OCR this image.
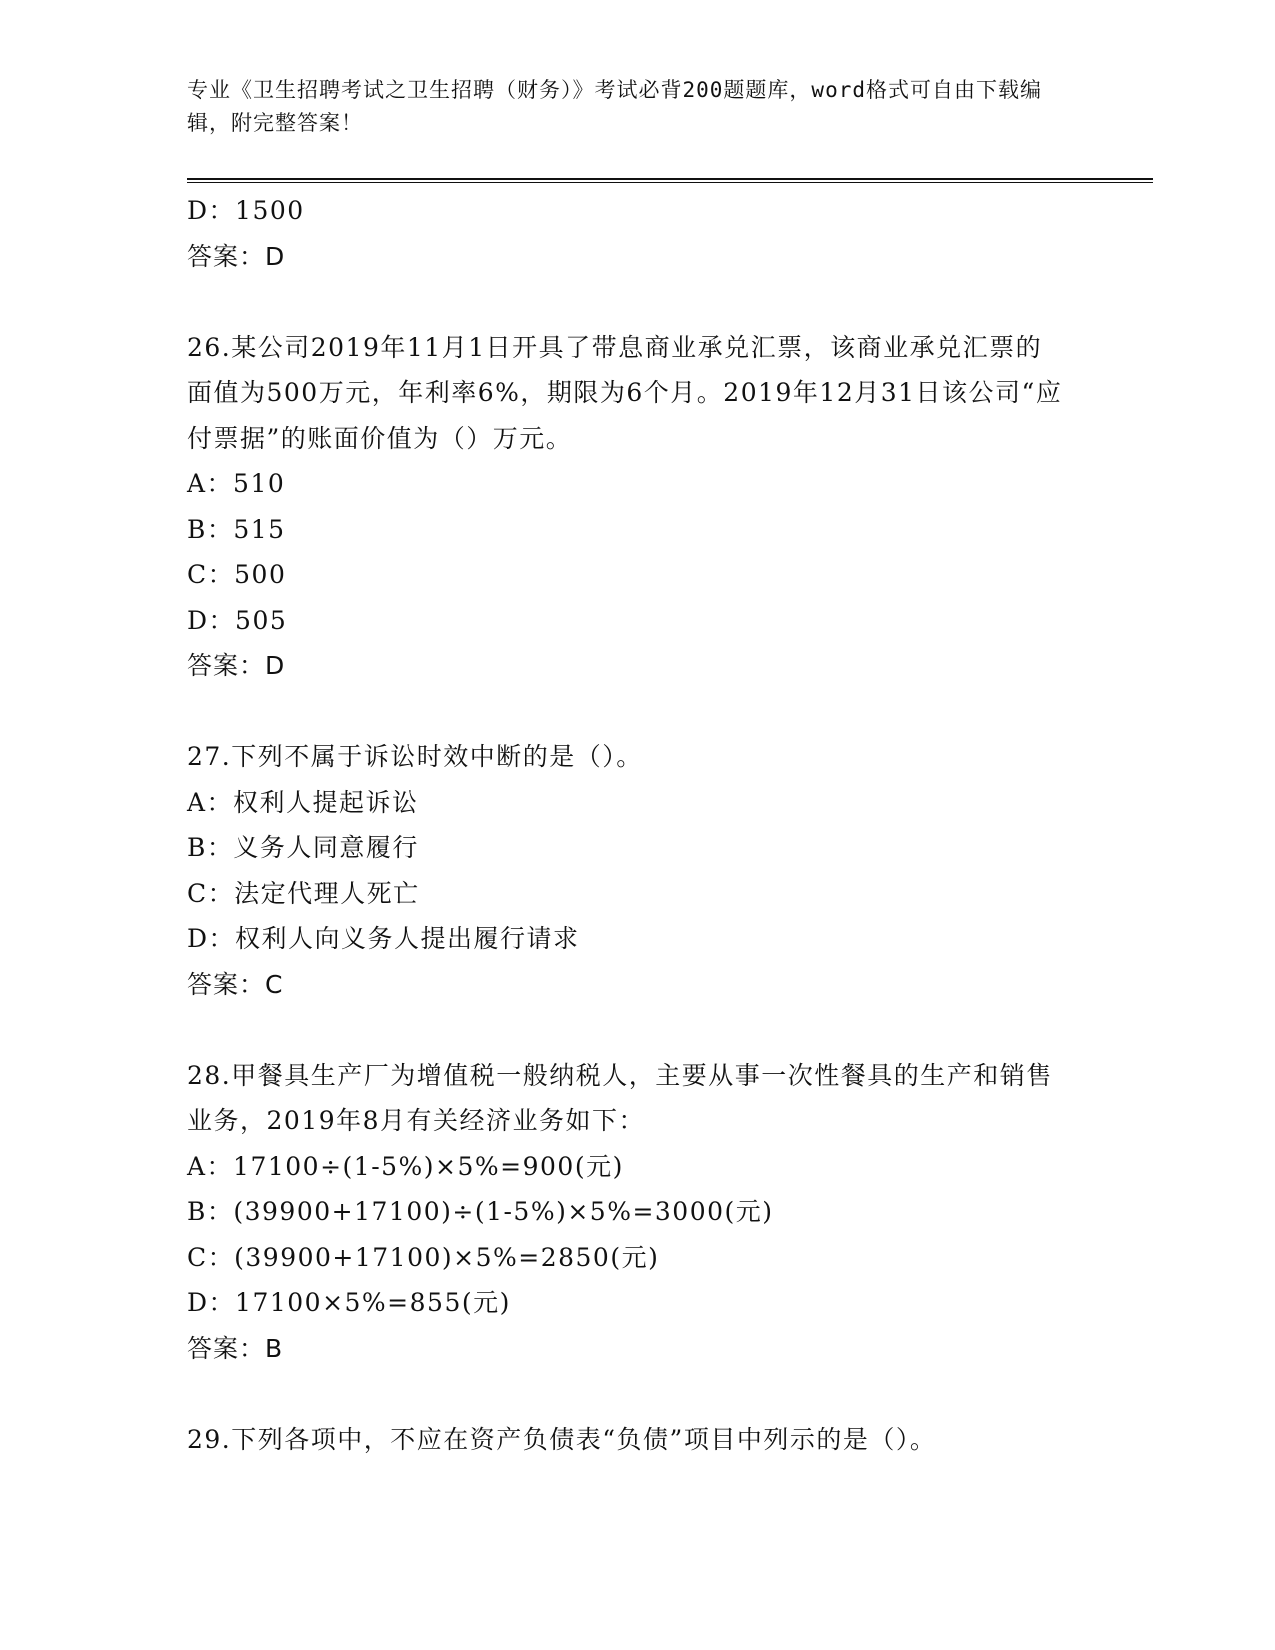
专业《卫生招聘考试之卫生招聘（财务）》考试必背200题题库，word格式可自由下载编辑，附完整答案！

D：1500

答案：D

26.某公司2019年11月1日开具了带息商业承兑汇票，该商业承兑汇票的面值为500万元，年利率6%，期限为6个月。2019年12月31日该公司“应付票据”的账面价值为（）万元。

A：510

B：515

C：500

D：505

答案：D

27.下列不属于诉讼时效中断的是（）。

A：权利人提起诉讼

B：义务人同意履行

C：法定代理人死亡

D：权利人向义务人提出履行请求

答案：C

28.甲餐具生产厂为增值税一般纳税人，主要从事一次性餐具的生产和销售业务，2019年8月有关经济业务如下：

A：17100÷(1-5%)×5%=900(元)

B：(39900+17100)÷(1-5%)×5%=3000(元)

C：(39900+17100)×5%=2850(元)

D：17100×5%=855(元)

答案：B

29.下列各项中，不应在资产负债表“负债”项目中列示的是（）。
